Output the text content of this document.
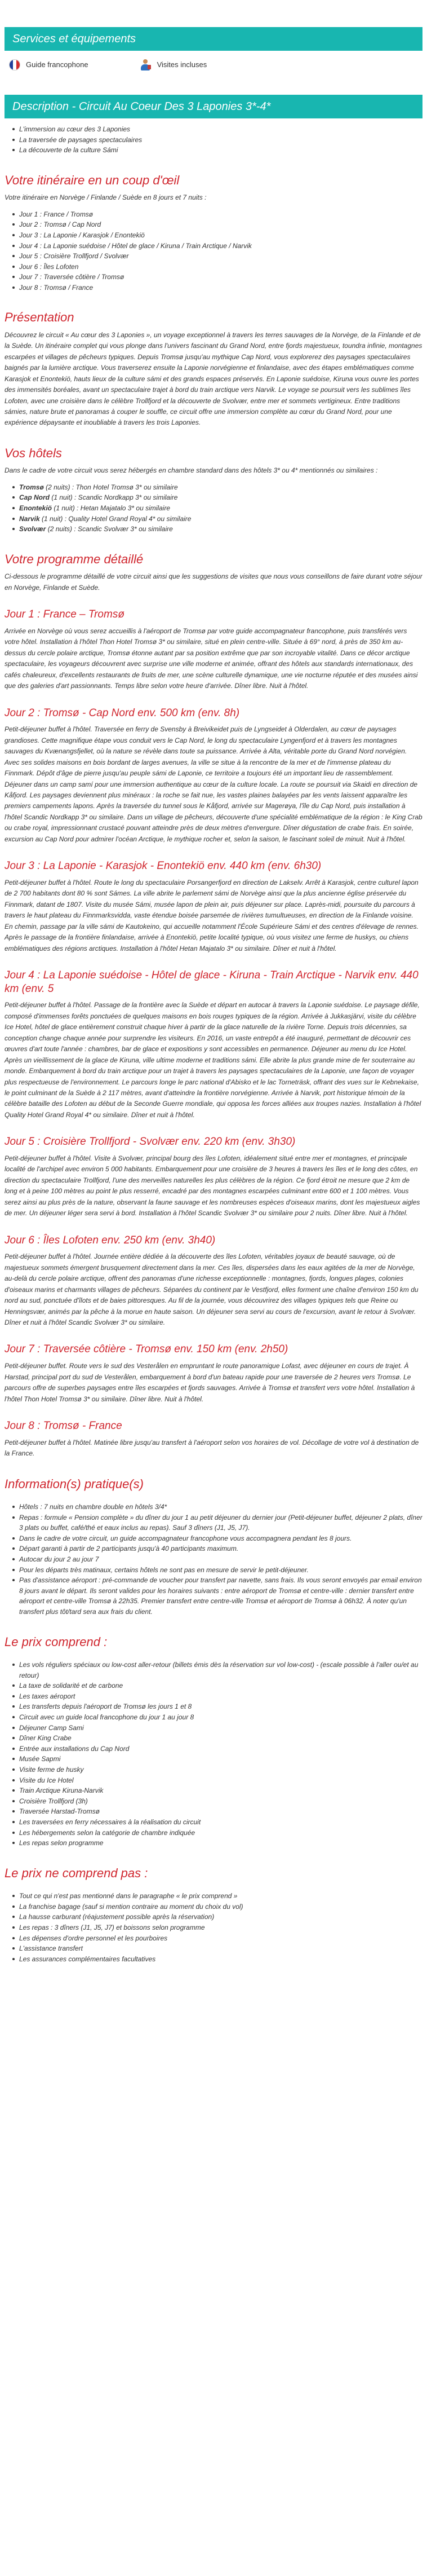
Services et équipements
Guide francophone	Visites incluses
Description - Circuit Au Coeur Des 3 Laponies 3*-4*
L'immersion au cœur des 3 Laponies
La traversée de paysages spectaculaires
La découverte de la culture Sámi
Votre itinéraire en un coup d'œil

Votre itinéraire en Norvège / Finlande / Suède en 8 jours et 7 nuits :

Jour 1 : France / Tromsø
Jour 2 : Tromsø / Cap Nord
Jour 3 : La Laponie / Karasjok / Enontekiö
Jour 4 : La Laponie suédoise / Hôtel de glace / Kiruna / Train Arctique / Narvik
Jour 5 : Croisière Trollfjord / Svolvær
Jour 6 : Îles Lofoten
Jour 7 : Traversée côtière / Tromsø
Jour 8 : Tromsø / France
Présentation

Découvrez le circuit « Au cœur des 3 Laponies », un voyage exceptionnel à travers les terres sauvages de la Norvège, de la Finlande et de la Suède. Un itinéraire complet qui vous plonge dans l'univers fascinant du Grand Nord, entre fjords majestueux, toundra infinie, montagnes escarpées et villages de pêcheurs typiques. Depuis Tromsø jusqu'au mythique Cap Nord, vous explorerez des paysages spectaculaires baignés par la lumière arctique. Vous traverserez ensuite la Laponie norvégienne et finlandaise, avec des étapes emblématiques comme Karasjok et Enontekiö, hauts lieux de la culture sámi et des grands espaces préservés. En Laponie suédoise, Kiruna vous ouvre les portes des immensités boréales, avant un spectaculaire trajet à bord du train arctique vers Narvik. Le voyage se poursuit vers les sublimes îles Lofoten, avec une croisière dans le célèbre Trollfjord et la découverte de Svolvær, entre mer et sommets vertigineux. Entre traditions sámies, nature brute et panoramas à couper le souffle, ce circuit offre une immersion complète au cœur du Grand Nord, pour une expérience dépaysante et inoubliable à travers les trois Laponies.

Vos hôtels

Dans le cadre de votre circuit vous serez hébergés en chambre standard dans des hôtels 3* ou 4* mentionnés ou similaires :

Tromsø (2 nuits) : Thon Hotel Tromsø 3* ou similaire
Cap Nord (1 nuit) : Scandic Nordkapp 3* ou similaire
Enontekiö (1 nuit) : Hetan Majatalo 3* ou similaire
Narvik (1 nuit) : Quality Hotel Grand Royal 4* ou similaire
Svolvær (2 nuits) : Scandic Svolvær 3* ou similaire
Votre programme détaillé

Ci-dessous le programme détaillé de votre circuit ainsi que les suggestions de visites que nous vous conseillons de faire durant votre séjour en Norvège, Finlande et Suède.

Jour 1 : France – Tromsø

Arrivée en Norvège où vous serez accueillis à l'aéroport de Tromsø par votre guide accompagnateur francophone, puis transférés vers votre hôtel. Installation à l'hôtel Thon Hotel Tromsø 3* ou similaire, situé en plein centre-ville. Située à 69° nord, à près de 350 km au-dessus du cercle polaire arctique, Tromsø étonne autant par sa position extrême que par son incroyable vitalité. Dans ce décor arctique spectaculaire, les voyageurs découvrent avec surprise une ville moderne et animée, offrant des hôtels aux standards internationaux, des cafés chaleureux, d'excellents restaurants de fruits de mer, une scène culturelle dynamique, une vie nocturne réputée et des musées ainsi que des galeries d'art passionnants. Temps libre selon votre heure d'arrivée. Dîner libre. Nuit à l'hôtel.

Jour 2 : Tromsø - Cap Nord env. 500 km (env. 8h)

Petit-déjeuner buffet à l'hôtel. Traversée en ferry de Svensby à Breivikeidet puis de Lyngseidet à Olderdalen, au cœur de paysages grandioses. Cette magnifique étape vous conduit vers le Cap Nord, le long du spectaculaire Lyngenfjord et à travers les montagnes sauvages du Kvænangsfjellet, où la nature se révèle dans toute sa puissance. Arrivée à Alta, véritable porte du Grand Nord norvégien. Avec ses solides maisons en bois bordant de larges avenues, la ville se situe à la rencontre de la mer et de l'immense plateau du Finnmark. Dépôt d'âge de pierre jusqu'au peuple sámi de Laponie, ce territoire a toujours été un important lieu de rassemblement. Déjeuner dans un camp samí pour une immersion authentique au cœur de la culture locale. La route se poursuit via Skaidi en direction de Kåfjord. Les paysages deviennent plus minéraux : la roche se fait nue, les vastes plaines balayées par les vents laissent apparaître les premiers campements lapons. Après la traversée du tunnel sous le Kåfjord, arrivée sur Magerøya, l'île du Cap Nord, puis installation à l'hôtel Scandic Nordkapp 3* ou similaire. Dans un village de pêcheurs, découverte d'une spécialité emblématique de la région : le King Crab ou crabe royal, impressionnant crustacé pouvant atteindre près de deux mètres d'envergure. Dîner dégustation de crabe frais. En soirée, excursion au Cap Nord pour admirer l'océan Arctique, le mythique rocher et, selon la saison, le fascinant soleil de minuit. Nuit à l'hôtel.

Jour 3 : La Laponie - Karasjok - Enontekiö env. 440 km (env. 6h30)

Petit-déjeuner buffet à l'hôtel. Route le long du spectaculaire Porsangerfjord en direction de Lakselv. Arrêt à Karasjok, centre culturel lapon de 2 700 habitants dont 80 % sont Sámes. La ville abrite le parlement sámi de Norvège ainsi que la plus ancienne église préservée du Finnmark, datant de 1807. Visite du musée Sámi, musée lapon de plein air, puis déjeuner sur place. Laprès-midi, poursuite du parcours à travers le haut plateau du Finnmarksvidda, vaste étendue boisée parsemée de rivières tumultueuses, en direction de la Finlande voisine. En chemin, passage par la ville sámi de Kautokeino, qui accueille notamment l'École Supérieure Sámi et des centres d'élevage de rennes. Après le passage de la frontière finlandaise, arrivée à Enontekiö, petite localité typique, où vous visitez une ferme de huskys, ou chiens emblématiques des régions arctiques. Installation à l'hôtel Hetan Majatalo 3* ou similaire. Dîner et nuit à l'hôtel.

Jour 4 : La Laponie suédoise - Hôtel de glace - Kiruna - Train Arctique - Narvik env. 440 km (env. 5

Petit-déjeuner buffet à l'hôtel. Passage de la frontière avec la Suède et départ en autocar à travers la Laponie suédoise. Le paysage défile, composé d'immenses forêts ponctuées de quelques maisons en bois rouges typiques de la région. Arrivée à Jukkasjärvi, visite du célèbre Ice Hotel, hôtel de glace entièrement construit chaque hiver à partir de la glace naturelle de la rivière Torne. Depuis trois décennies, sa conception change chaque année pour surprendre les visiteurs. En 2016, un vaste entrepôt a été inauguré, permettant de découvrir ces œuvres d'art toute l'année : chambres, bar de glace et expositions y sont accessibles en permanence. Déjeuner au menu du Ice Hotel. Après un vieillissement de la glace de Kiruna, ville ultime moderne et traditions sámi. Elle abrite la plus grande mine de fer souterraine au monde. Embarquement à bord du train arctique pour un trajet à travers les paysages spectaculaires de la Laponie, une façon de voyager plus respectueuse de l'environnement. Le parcours longe le parc national d'Abisko et le lac Torneträsk, offrant des vues sur le Kebnekaise, le point culminant de la Suède à 2 117 mètres, avant d'atteindre la frontière norvégienne. Arrivée à Narvik, port historique témoin de la célèbre bataille des Lofoten au début de la Seconde Guerre mondiale, qui opposa les forces alliées aux troupes nazies. Installation à l'hôtel Quality Hotel Grand Royal 4* ou similaire. Dîner et nuit à l'hôtel.

Jour 5 : Croisière Trollfjord - Svolvær env. 220 km (env. 3h30)

Petit-déjeuner buffet à l'hôtel. Visite à Svolvær, principal bourg des îles Lofoten, idéalement situé entre mer et montagnes, et principale localité de l'archipel avec environ 5 000 habitants. Embarquement pour une croisière de 3 heures à travers les îles et le long des côtes, en direction du spectaculaire Trollfjord, l'une des merveilles naturelles les plus célèbres de la région. Ce fjord étroit ne mesure que 2 km de long et à peine 100 mètres au point le plus resserré, encadré par des montagnes escarpées culminant entre 600 et 1 100 mètres. Vous serez ainsi au plus près de la nature, observant la faune sauvage et les nombreuses espèces d'oiseaux marins, dont les majestueux aigles de mer. Un déjeuner léger sera servi à bord. Installation à l'hôtel Scandic Svolvær 3* ou similaire pour 2 nuits. Dîner libre. Nuit à l'hôtel.

Jour 6 : Îles Lofoten env. 250 km (env. 3h40)

Petit-déjeuner buffet à l'hôtel. Journée entière dédiée à la découverte des îles Lofoten, véritables joyaux de beauté sauvage, où de majestueux sommets émergent brusquement directement dans la mer. Ces îles, dispersées dans les eaux agitées de la mer de Norvège, au-delà du cercle polaire arctique, offrent des panoramas d'une richesse exceptionnelle : montagnes, fjords, longues plages, colonies d'oiseaux marins et charmants villages de pêcheurs. Séparées du continent par le Vestfjord, elles forment une chaîne d'environ 150 km du nord au sud, ponctuée d'îlots et de baies pittoresques. Au fil de la journée, vous découvrirez des villages typiques tels que Reine ou Henningsvær, animés par la pêche à la morue en haute saison. Un déjeuner sera servi au cours de l'excursion, avant le retour à Svolvær. Dîner et nuit à l'hôtel Scandic Svolvær 3* ou similaire.

Jour 7 : Traversée côtière - Tromsø env. 150 km (env. 2h50)

Petit-déjeuner buffet. Route vers le sud des Vesterålen en empruntant le route panoramique Lofast, avec déjeuner en cours de trajet. À Harstad, principal port du sud de Vesterålen, embarquement à bord d'un bateau rapide pour une traversée de 2 heures vers Tromsø. Le parcours offre de superbes paysages entre îles escarpées et fjords sauvages. Arrivée à Tromsø et transfert vers votre hôtel. Installation à l'hôtel Thon Hotel Tromsø 3* ou similaire. Dîner libre. Nuit à l'hôtel.

Jour 8 : Tromsø - France

Petit-déjeuner buffet à l'hôtel. Matinée libre jusqu'au transfert à l'aéroport selon vos horaires de vol. Décollage de votre vol à destination de la France.

Information(s) pratique(s)
Hôtels : 7 nuits en chambre double en hôtels 3/4*
Repas : formule « Pension complète » du dîner du jour 1 au petit déjeuner du dernier jour (Petit-déjeuner buffet, déjeuner 2 plats, dîner 3 plats ou buffet, café/thé et eaux inclus au repas). Sauf 3 dîners (J1, J5, J7).
Dans le cadre de votre circuit, un guide accompagnateur francophone vous accompagnera pendant les 8 jours.
Départ garanti à partir de 2 participants jusqu'à 40 participants maximum.
Autocar du jour 2 au jour 7
Pour les départs très matinaux, certains hôtels ne sont pas en mesure de servir le petit-déjeuner.
Pas d'assistance aéroport : pré-commande de voucher pour transfert par navette, sans frais. Ils vous seront envoyés par email environ 8 jours avant le départ. Ils seront valides pour les horaires suivants : entre aéroport de Tromsø et centre-ville : dernier transfert entre aéroport et centre-ville Tromsø à 22h35. Premier transfert entre centre-ville Tromsø et aéroport de Tromsø à 06h32. À noter qu'un transfert plus tôt/tard sera aux frais du client.
Le prix comprend :
Les vols réguliers spéciaux ou low-cost aller-retour (billets émis dès la réservation sur vol low-cost) - (escale possible à l'aller ou/et au retour)
La taxe de solidarité et de carbone
Les taxes aéroport
Les transferts depuis l'aéroport de Tromsø les jours 1 et 8
Circuit avec un guide local francophone du jour 1 au jour 8
Déjeuner Camp Sami
Dîner King Crabe
Entrée aux installations du Cap Nord
Musée Sapmi
Visite ferme de husky
Visite du Ice Hotel
Train Arctique Kiruna-Narvik
Croisière Trollfjord (3h)
Traversée Harstad-Tromsø
Les traversées en ferry nécessaires à la réalisation du circuit
Les hébergements selon la catégorie de chambre indiquée
Les repas selon programme
Le prix ne comprend pas :
Tout ce qui n'est pas mentionné dans le paragraphe « le prix comprend »
La franchise bagage (sauf si mention contraire au moment du choix du vol)
La hausse carburant (réajustement possible après la réservation)
Les repas : 3 dîners (J1, J5, J7) et boissons selon programme
Les dépenses d'ordre personnel et les pourboires
L'assistance transfert
Les assurances complémentaires facultatives
